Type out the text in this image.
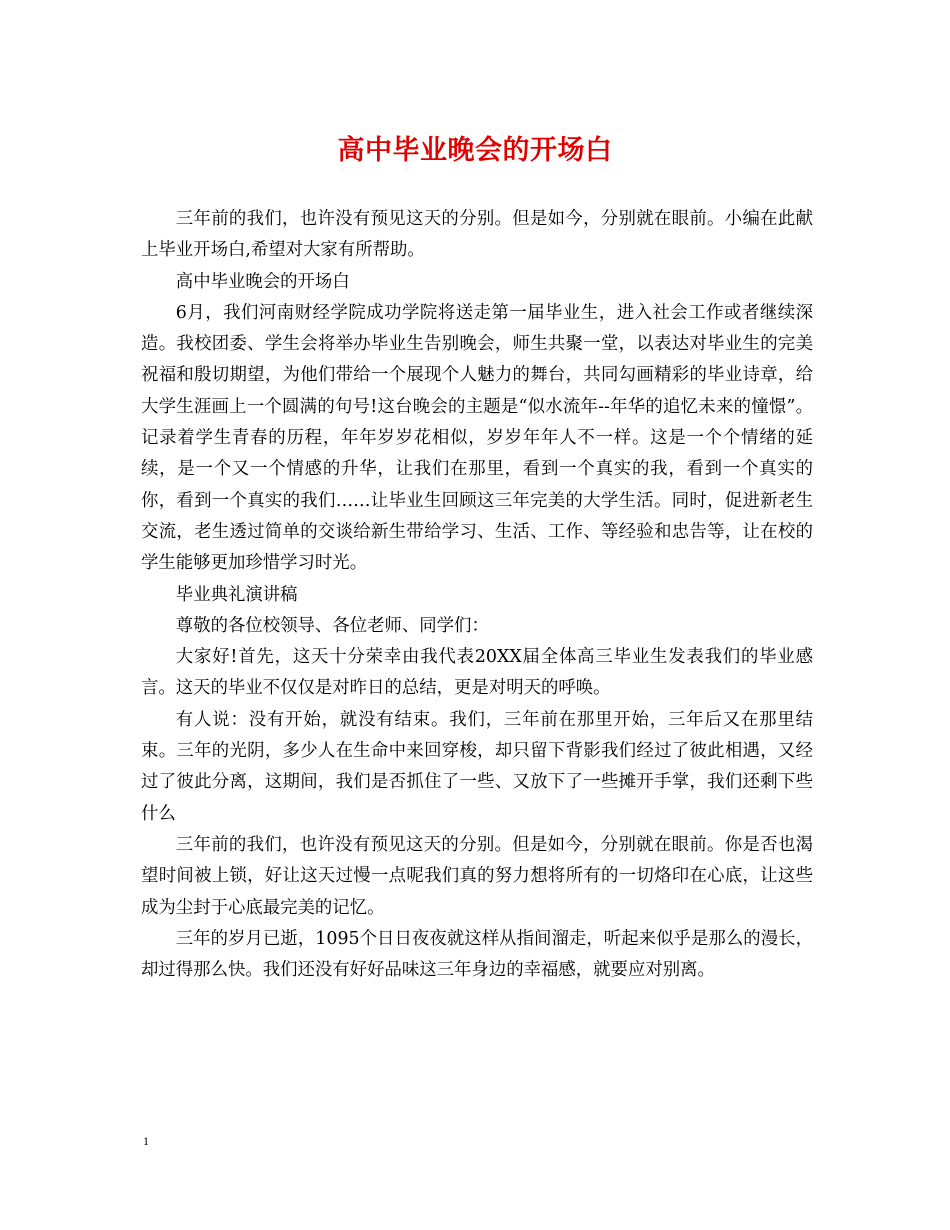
高中毕业晚会的开场白

三年前的我们，也许没有预见这天的分别。但是如今，分别就在眼前。小编在此献上毕业开场白,希望对大家有所帮助。

高中毕业晚会的开场白

6月，我们河南财经学院成功学院将送走第一届毕业生，进入社会工作或者继续深造。我校团委、学生会将举办毕业生告别晚会，师生共聚一堂，以表达对毕业生的完美祝福和殷切期望，为他们带给一个展现个人魅力的舞台，共同勾画精彩的毕业诗章，给大学生涯画上一个圆满的句号!这台晚会的主题是“似水流年--年华的追忆未来的憧憬”。记录着学生青春的历程，年年岁岁花相似，岁岁年年人不一样。这是一个个情绪的延续，是一个又一个情感的升华，让我们在那里，看到一个真实的我，看到一个真实的你，看到一个真实的我们……让毕业生回顾这三年完美的大学生活。同时，促进新老生交流，老生透过简单的交谈给新生带给学习、生活、工作、等经验和忠告等，让在校的学生能够更加珍惜学习时光。

毕业典礼演讲稿

尊敬的各位校领导、各位老师、同学们：

大家好!首先，这天十分荣幸由我代表20XX届全体高三毕业生发表我们的毕业感言。这天的毕业不仅仅是对昨日的总结，更是对明天的呼唤。

有人说：没有开始，就没有结束。我们，三年前在那里开始，三年后又在那里结束。三年的光阴，多少人在生命中来回穿梭，却只留下背影我们经过了彼此相遇，又经过了彼此分离，这期间，我们是否抓住了一些、又放下了一些摊开手掌，我们还剩下些什么

三年前的我们，也许没有预见这天的分别。但是如今，分别就在眼前。你是否也渴望时间被上锁，好让这天过慢一点呢我们真的努力想将所有的一切烙印在心底，让这些成为尘封于心底最完美的记忆。

三年的岁月已逝，1095个日日夜夜就这样从指间溜走，听起来似乎是那么的漫长，却过得那么快。我们还没有好好品味这三年身边的幸福感，就要应对别离。

1
